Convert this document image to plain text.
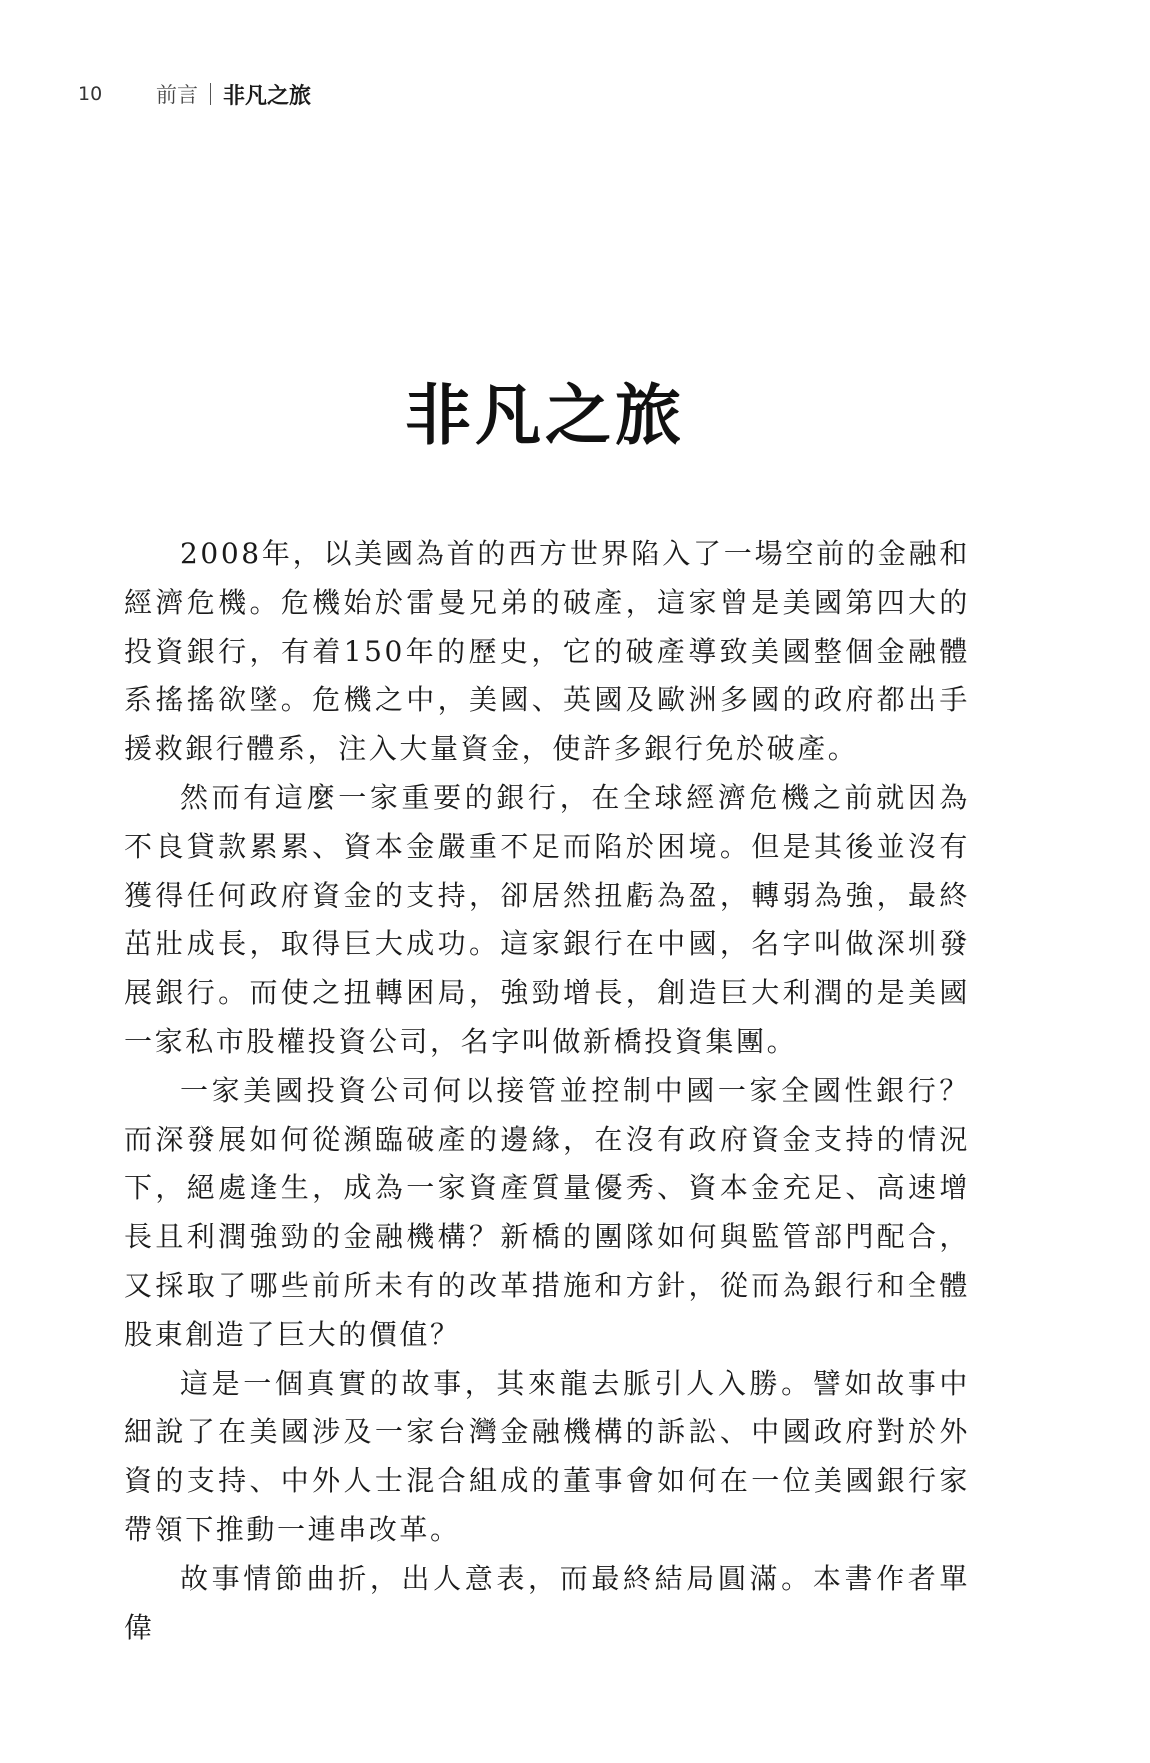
10	前言 非凡之旅
非凡之旅

2008年，以美國為首的西方世界陷入了一場空前的金融和經濟危機。危機始於雷曼兄弟的破產，這家曾是美國第四大的投資銀行，有着150年的歷史，它的破產導致美國整個金融體系搖搖欲墜。危機之中，美國、英國及歐洲多國的政府都出手援救銀行體系，注入大量資金，使許多銀行免於破產。

然而有這麼一家重要的銀行，在全球經濟危機之前就因為不良貸款累累、資本金嚴重不足而陷於困境。但是其後並沒有獲得任何政府資金的支持，卻居然扭虧為盈，轉弱為強，最終茁壯成長，取得巨大成功。這家銀行在中國，名字叫做深圳發展銀行。而使之扭轉困局，強勁增長，創造巨大利潤的是美國一家私市股權投資公司，名字叫做新橋投資集團。

一家美國投資公司何以接管並控制中國一家全國性銀行？而深發展如何從瀕臨破產的邊緣，在沒有政府資金支持的情況下，絕處逢生，成為一家資產質量優秀、資本金充足、高速增長且利潤強勁的金融機構？新橋的團隊如何與監管部門配合，又採取了哪些前所未有的改革措施和方針，從而為銀行和全體股東創造了巨大的價值？

這是一個真實的故事，其來龍去脈引人入勝。譬如故事中細說了在美國涉及一家台灣金融機構的訴訟、中國政府對於外資的支持、中外人士混合組成的董事會如何在一位美國銀行家帶領下推動一連串改革。

故事情節曲折，出人意表，而最終結局圓滿。本書作者單偉
